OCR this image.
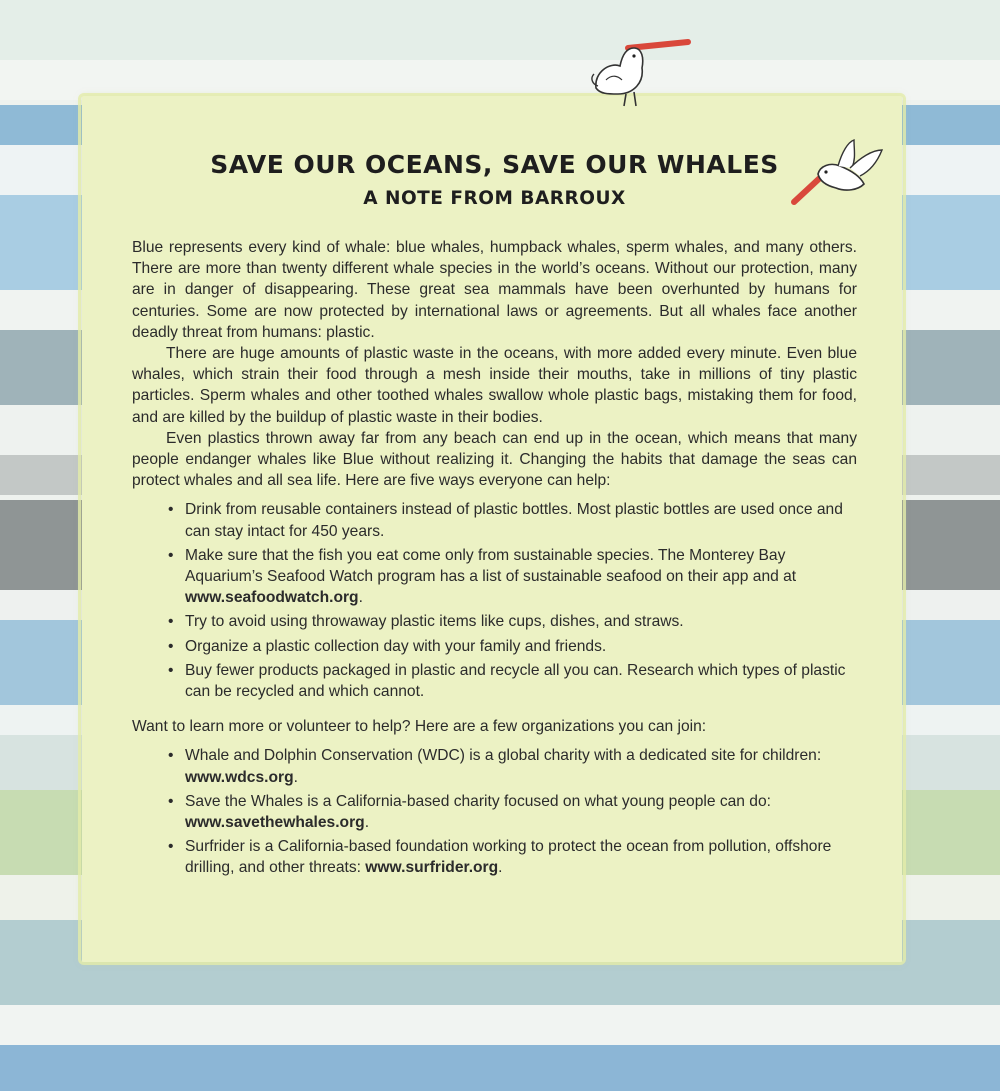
SAVE OUR OCEANS, SAVE OUR WHALES
A NOTE FROM BARROUX

Blue represents every kind of whale: blue whales, humpback whales, sperm whales, and many others. There are more than twenty different whale species in the world’s oceans. Without our protection, many are in danger of disappearing. These great sea mammals have been overhunted by humans for centuries. Some are now protected by international laws or agreements. But all whales face another deadly threat from humans: plastic.

There are huge amounts of plastic waste in the oceans, with more added every minute. Even blue whales, which strain their food through a mesh inside their mouths, take in millions of tiny plastic particles. Sperm whales and other toothed whales swallow whole plastic bags, mistaking them for food, and are killed by the buildup of plastic waste in their bodies.

Even plastics thrown away far from any beach can end up in the ocean, which means that many people endanger whales like Blue without realizing it. Changing the habits that damage the seas can protect whales and all sea life. Here are five ways everyone can help:

• Drink from reusable containers instead of plastic bottles. Most plastic bottles are used once and can stay intact for 450 years.
• Make sure that the fish you eat come only from sustainable species. The Monterey Bay Aquarium’s Seafood Watch program has a list of sustainable seafood on their app and at www.seafoodwatch.org.
• Try to avoid using throwaway plastic items like cups, dishes, and straws.
• Organize a plastic collection day with your family and friends.
• Buy fewer products packaged in plastic and recycle all you can. Research which types of plastic can be recycled and which cannot.

Want to learn more or volunteer to help? Here are a few organizations you can join:

• Whale and Dolphin Conservation (WDC) is a global charity with a dedicated site for children: www.wdcs.org.
• Save the Whales is a California-based charity focused on what young people can do: www.savethewhales.org.
• Surfrider is a California-based foundation working to protect the ocean from pollution, offshore drilling, and other threats: www.surfrider.org.
